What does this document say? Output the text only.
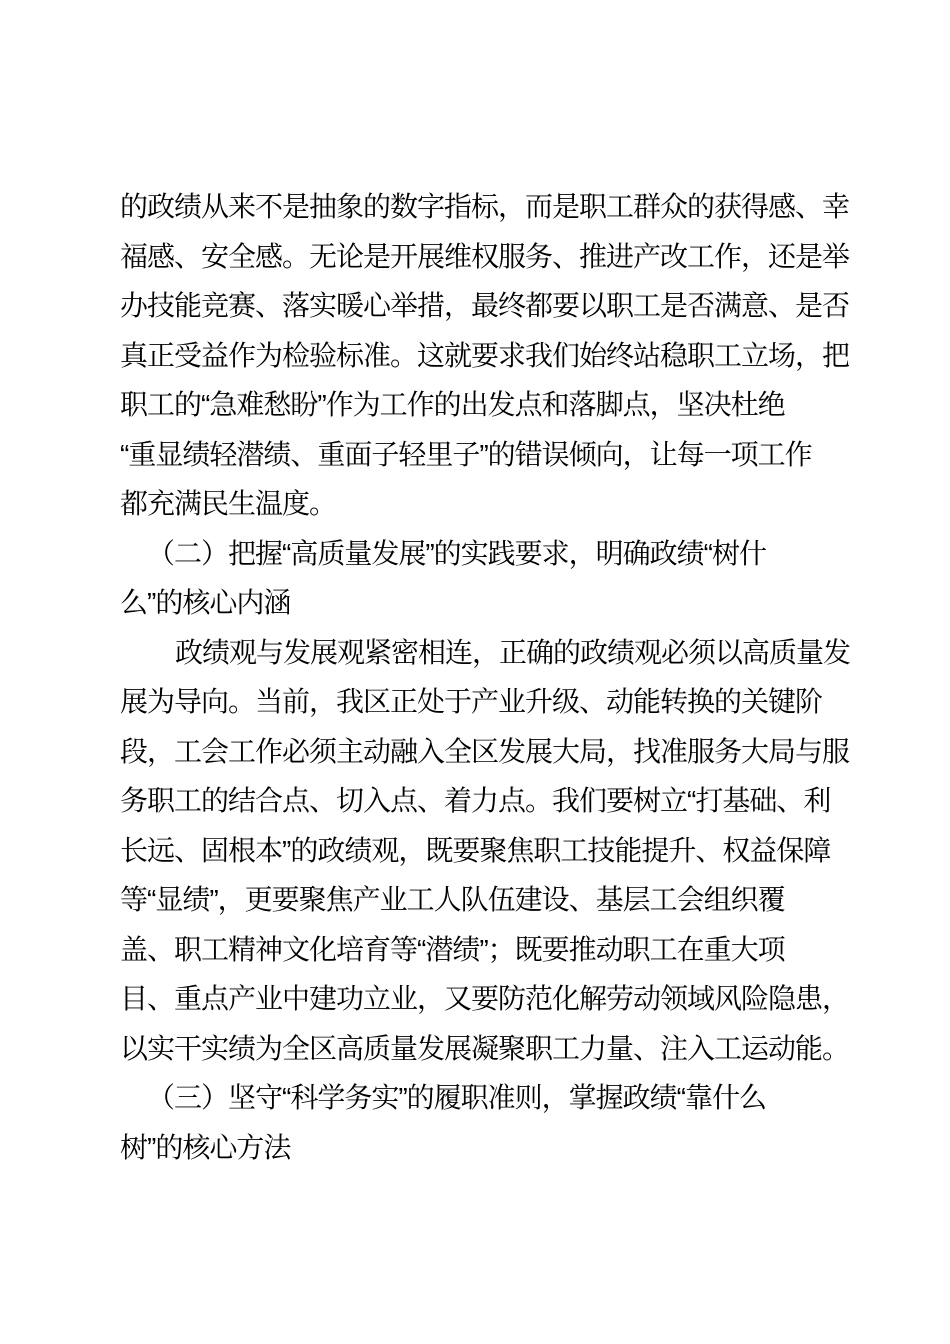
的政绩从来不是抽象的数字指标，而是职工群众的获得感、幸
福感、安全感。无论是开展维权服务、推进产改工作，还是举
办技能竞赛、落实暖心举措，最终都要以职工是否满意、是否
真正受益作为检验标准。这就要求我们始终站稳职工立场，把
职工的“急难愁盼”作为工作的出发点和落脚点，坚决杜绝
“重显绩轻潜绩、重面子轻里子”的错误倾向，让每一项工作
都充满民生温度。
（二）把握“高质量发展”的实践要求，明确政绩“树什
么”的核心内涵
政绩观与发展观紧密相连，正确的政绩观必须以高质量发
展为导向。当前，我区正处于产业升级、动能转换的关键阶
段，工会工作必须主动融入全区发展大局，找准服务大局与服
务职工的结合点、切入点、着力点。我们要树立“打基础、利
长远、固根本”的政绩观，既要聚焦职工技能提升、权益保障
等“显绩”，更要聚焦产业工人队伍建设、基层工会组织覆
盖、职工精神文化培育等“潜绩”；既要推动职工在重大项
目、重点产业中建功立业，又要防范化解劳动领域风险隐患，
以实干实绩为全区高质量发展凝聚职工力量、注入工运动能。
（三）坚守“科学务实”的履职准则，掌握政绩“靠什么
树”的核心方法
